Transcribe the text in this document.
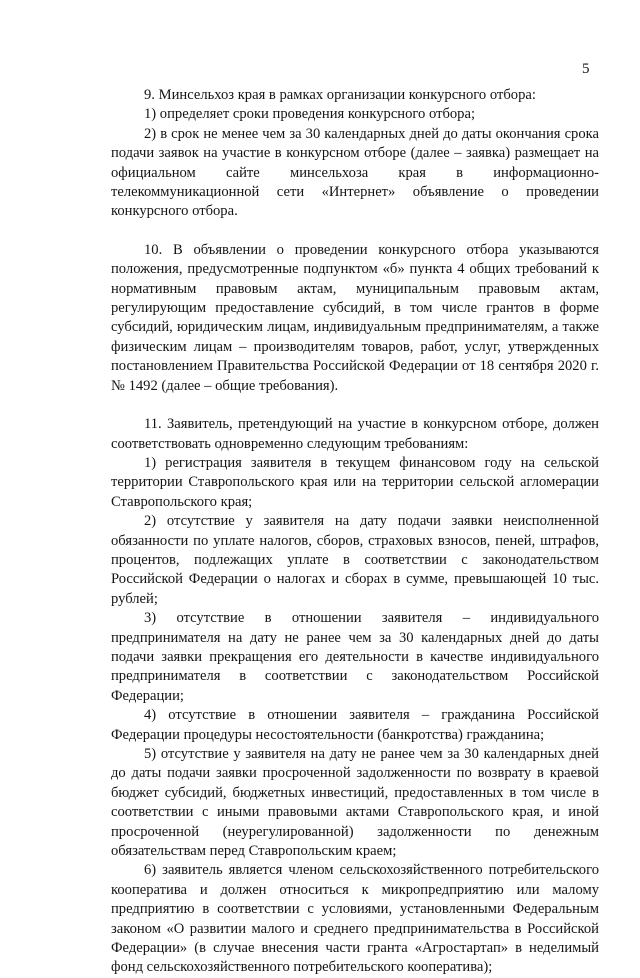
5

9. Минсельхоз края в рамках организации конкурсного отбора:

1) определяет сроки проведения конкурсного отбора;

2) в срок не менее чем за 30 календарных дней до даты окончания срока подачи заявок на участие в конкурсном отборе (далее – заявка) размещает на официальном сайте минсельхоза края в информационно-телекоммуникационной сети «Интернет» объявление о проведении конкурсного отбора.

10. В объявлении о проведении конкурсного отбора указываются положения, предусмотренные подпунктом «б» пункта 4 общих требований к нормативным правовым актам, муниципальным правовым актам, регулирующим предоставление субсидий, в том числе грантов в форме субсидий, юридическим лицам, индивидуальным предпринимателям, а также физическим лицам – производителям товаров, работ, услуг, утвержденных постановлением Правительства Российской Федерации от 18 сентября 2020 г. № 1492 (далее – общие требования).

11. Заявитель, претендующий на участие в конкурсном отборе, должен соответствовать одновременно следующим требованиям:

1) регистрация заявителя в текущем финансовом году на сельской территории Ставропольского края или на территории сельской агломерации Ставропольского края;

2) отсутствие у заявителя на дату подачи заявки неисполненной обязанности по уплате налогов, сборов, страховых взносов, пеней, штрафов, процентов, подлежащих уплате в соответствии с законодательством Российской Федерации о налогах и сборах в сумме, превышающей 10 тыс. рублей;

3) отсутствие в отношении заявителя – индивидуального предпринимателя на дату не ранее чем за 30 календарных дней до даты подачи заявки прекращения его деятельности в качестве индивидуального предпринимателя в соответствии с законодательством Российской Федерации;

4) отсутствие в отношении заявителя – гражданина Российской Федерации процедуры несостоятельности (банкротства) гражданина;

5) отсутствие у заявителя на дату не ранее чем за 30 календарных дней до даты подачи заявки просроченной задолженности по возврату в краевой бюджет субсидий, бюджетных инвестиций, предоставленных в том числе в соответствии с иными правовыми актами Ставропольского края, и иной просроченной (неурегулированной) задолженности по денежным обязательствам перед Ставропольским краем;

6) заявитель является членом сельскохозяйственного потребительского кооператива и должен относиться к микропредприятию или малому предприятию в соответствии с условиями, установленными Федеральным законом «О развитии малого и среднего предпринимательства в Российской Федерации» (в случае внесения части гранта «Агростартап» в неделимый фонд сельскохозяйственного потребительского кооператива);
